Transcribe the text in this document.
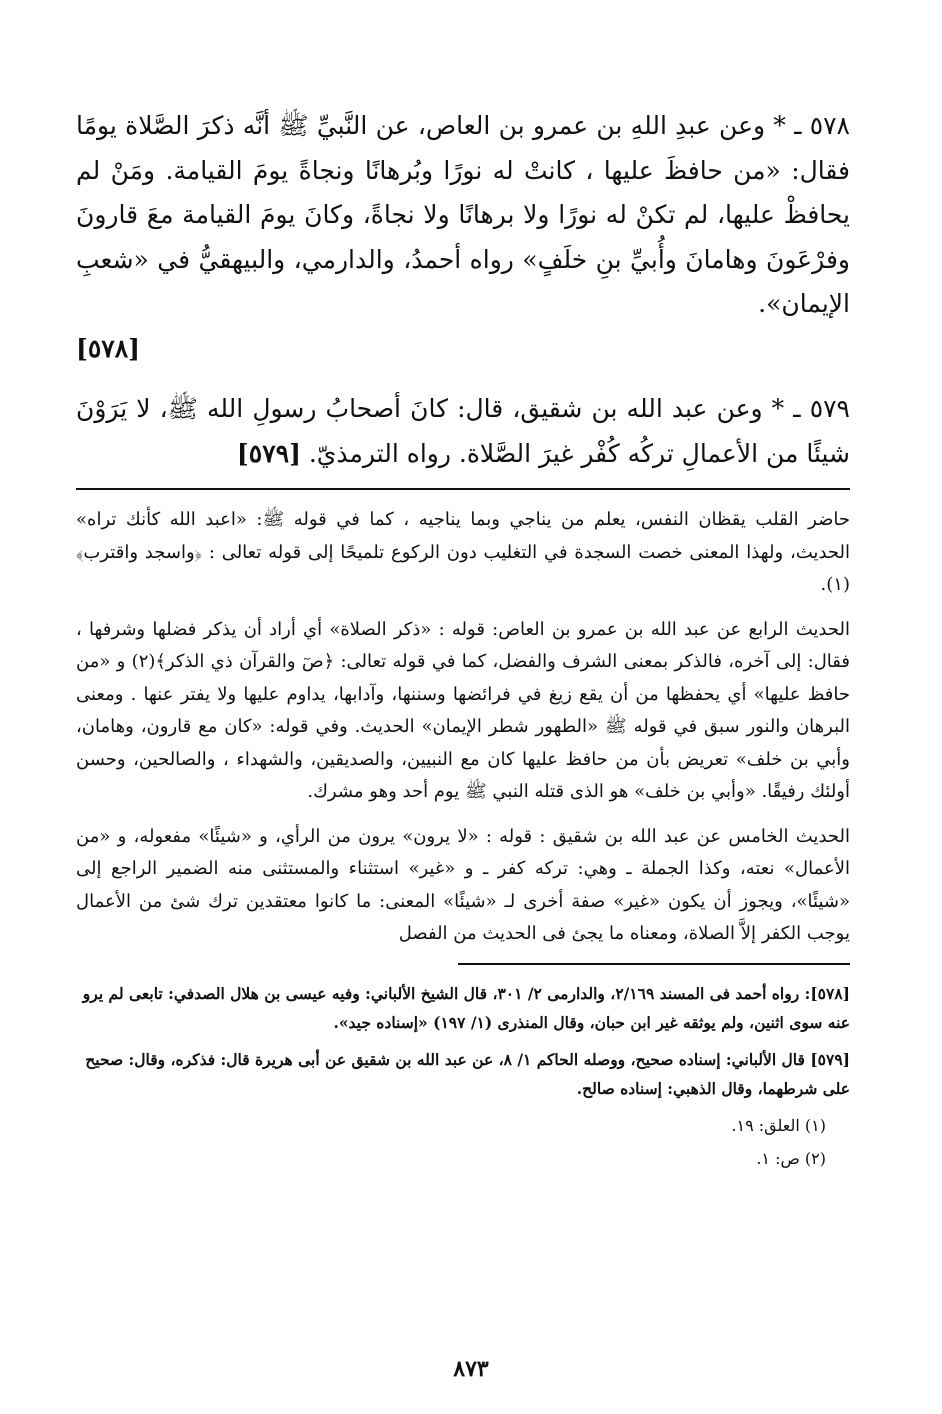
٥٧٨ ـ * وعن عبدِ اللهِ بن عمرو بن العاص، عن النَّبيِّ ﷺ أنَّه ذكرَ الصَّلاة يومًا فقال: «من حافظَ عليها ، كانتْ له نورًا وبُرهانًا ونجاةً يومَ القيامة. ومَنْ لم يحافظْ عليها، لم تكنْ له نورًا ولا برهانًا ولا نجاةً، وكانَ يومَ القيامة معَ قارونَ وفرْعَونَ وهامانَ وأُبيِّ بنِ خلَفٍ» رواه أحمدُ، والدارمي، والبيهقيُّ في «شعبِ الإيمان».

[٥٧٨]

٥٧٩ ـ * وعن عبد الله بن شقيق، قال: كانَ أصحابُ رسولِ الله ﷺ، لا يَرَوْنَ شيئًا من الأعمالِ تركُه كُفْر غيرَ الصَّلاة. رواه الترمذيّ. [٥٧٩]

حاضر القلب يقظان النفس، يعلم من يناجي وبما يناجيه ، كما في قوله ﷺ: «اعبد الله كأنك تراه» الحديث، ولهذا المعنى خصت السجدة في التغليب دون الركوع تلميحًا إلى قوله تعالى : ﴿واسجد واقترب﴾(١).

الحديث الرابع عن عبد الله بن عمرو بن العاص: قوله : «ذكر الصلاة» أي أراد أن يذكر فضلها وشرفها ، فقال: إلى آخره، فالذكر بمعنى الشرف والفضل، كما في قوله تعالى: ﴿صٓ والقرآن ذي الذكر﴾(٢) و «من حافظ عليها» أي يحفظها من أن يقع زيغ في فرائضها وسننها، وآدابها، يداوم عليها ولا يفتر عنها . ومعنى البرهان والنور سبق في قوله ﷺ «الطهور شطر الإيمان» الحديث. وفي قوله: «كان مع قارون، وهامان، وأبي بن خلف» تعريض بأن من حافظ عليها كان مع النبيين، والصديقين، والشهداء ، والصالحين، وحسن أولئك رفيقًا. «وأبي بن خلف» هو الذى قتله النبي ﷺ يوم أحد وهو مشرك.

الحديث الخامس عن عبد الله بن شقيق : قوله : «لا يرون» يرون من الرأي، و «شيئًا» مفعوله، و «من الأعمال» نعته، وكذا الجملة ـ وهي: تركه كفر ـ و «غير» استثناء والمستثنى منه الضمير الراجع إلى «شيئًا»، ويجوز أن يكون «غير» صفة أخرى لـ «شيئًا» المعنى: ما كانوا معتقدين ترك شئ من الأعمال يوجب الكفر إلاَّ الصلاة، ومعناه ما يجئ فى الحديث من الفصل

[٥٧٨]: رواه أحمد فى المسند ٢/١٦٩، والدارمى ٢/ ٣٠١، قال الشيخ الألباني: وفيه عيسى بن هلال الصدفي: تابعى لم يرو عنه سوى اثنين، ولم يوثقه غير ابن حبان، وقال المنذرى (١/ ١٩٧) «إسناده جيد».

[٥٧٩] قال الألباني: إسناده صحيح، ووصله الحاكم ١/ ٨، عن عبد الله بن شقيق عن أبى هريرة قال: فذكره، وقال: صحيح على شرطهما، وقال الذهبي: إسناده صالح.

(١) العلق: ١٩.

(٢) ص: ١.

٨٧٣
